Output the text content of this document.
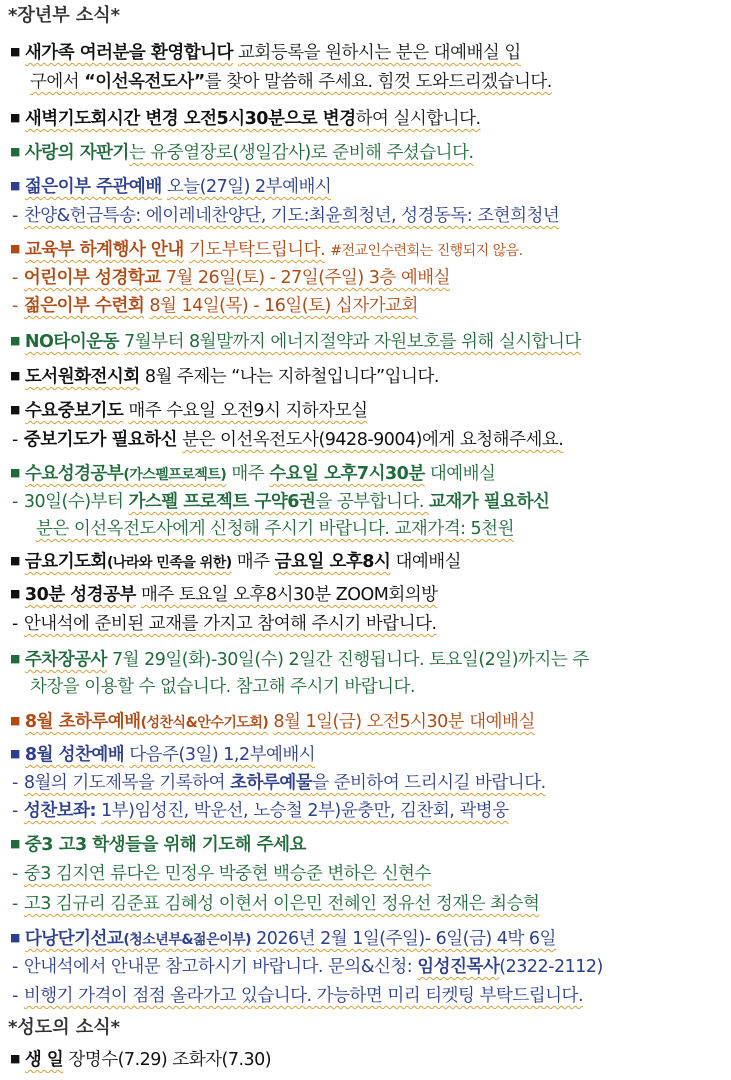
*장년부 소식*
■ 새가족 여러분을 환영합니다 교회등록을 원하시는 분은 대예배실 입
구에서 “이선옥전도사”를 찾아 말씀해 주세요. 힘껏 도와드리겠습니다.
■ 새벽기도회시간 변경 오전5시30분으로 변경하여 실시합니다.
■ 사랑의 자판기는 유중열장로(생일감사)로 준비해 주셨습니다.
■ 젊은이부 주관예배 오늘(27일) 2부예배시
- 찬양&헌금특송: 에이레네찬양단, 기도:최윤희청년, 성경동독: 조현희청년
■ 교육부 하계행사 안내 기도부탁드립니다. #전교인수련회는 진행되지 않음.
- 어린이부 성경학교 7월 26일(토) - 27일(주일) 3층 예배실
- 젊은이부 수련회 8월 14일(목) - 16일(토) 십자가교회
■ NO타이운동 7월부터 8월말까지 에너지절약과 자원보호를 위해 실시합니다
■ 도서원화전시회 8월 주제는 “나는 지하철입니다”입니다.
■ 수요중보기도 매주 수요일 오전9시 지하자모실
- 중보기도가 필요하신 분은 이선옥전도사(9428-9004)에게 요청해주세요.
■ 수요성경공부(가스펠프로젝트) 매주 수요일 오후7시30분 대예배실
- 30일(수)부터 가스펠 프로젝트 구약6권을 공부합니다. 교재가 필요하신
분은 이선옥전도사에게 신청해 주시기 바랍니다. 교재가격: 5천원
■ 금요기도회(나라와 민족을 위한) 매주 금요일 오후8시 대예배실
■ 30분 성경공부 매주 토요일 오후8시30분 ZOOM회의방
- 안내석에 준비된 교재를 가지고 참여해 주시기 바랍니다.
■ 주차장공사 7월 29일(화)-30일(수) 2일간 진행됩니다. 토요일(2일)까지는 주
차장을 이용할 수 없습니다. 참고해 주시기 바랍니다.
■ 8월 초하루예배(성찬식&안수기도회) 8월 1일(금) 오전5시30분 대예배실
■ 8월 성찬예배 다음주(3일) 1,2부예배시
- 8월의 기도제목을 기록하여 초하루예물을 준비하여 드리시길 바랍니다.
- 성찬보좌: 1부)임성진, 박운선, 노승철 2부)윤충만, 김찬회, 곽병웅
■ 중3 고3 학생들을 위해 기도해 주세요
- 중3 김지연 류다은 민정우 박중현 백승준 변하은 신현수
- 고3 김규리 김준표 김혜성 이현서 이은민 전혜인 정유선 정재은 최승혁
■ 다낭단기선교(청소년부&젊은이부) 2026년 2월 1일(주일)- 6일(금) 4박 6일
- 안내석에서 안내문 참고하시기 바랍니다. 문의&신청: 임성진목사(2322-2112)
- 비행기 가격이 점점 올라가고 있습니다. 가능하면 미리 티켓팅 부탁드립니다.
*성도의 소식*
■ 생 일 장명수(7.29) 조화자(7.30)
